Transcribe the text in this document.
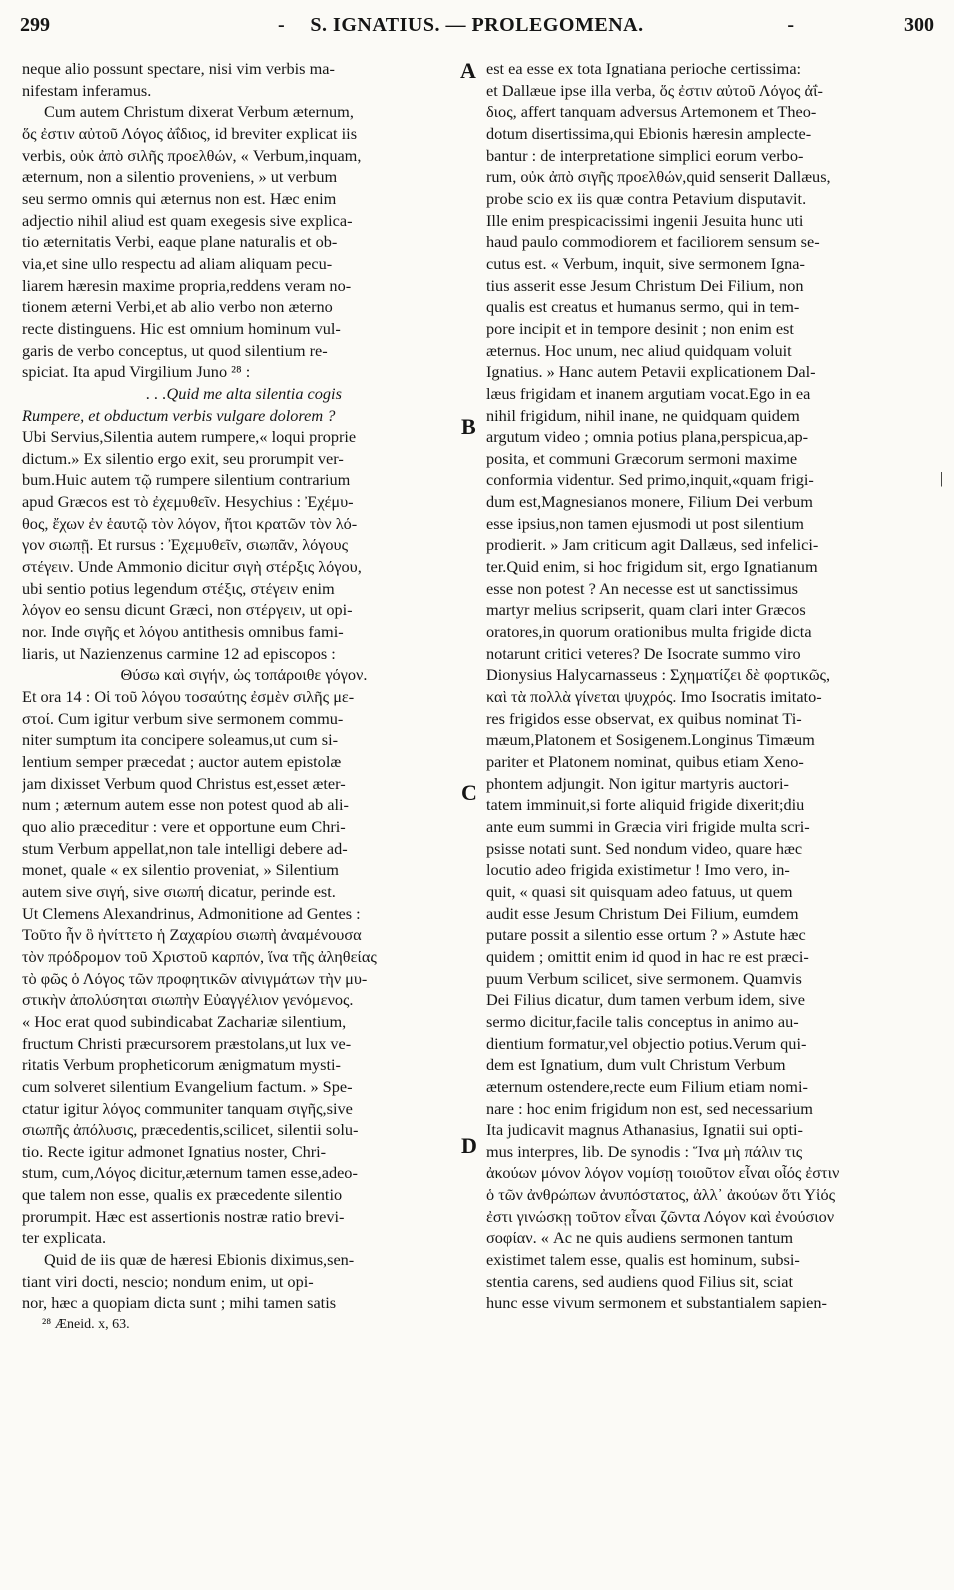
299	-	S. IGNATIUS. — PROLEGOMENA.	-	300
neque alio possunt spectare, nisi vim verbis ma-
nifestam inferamus.
Cum autem Christum dixerat Verbum æternum,
ὅς ἐστιν αὐτοῦ Λόγος ἀΐδιος, id breviter explicat iis
verbis, οὐκ ἀπὸ σιλῆς προελθών, « Verbum,inquam,
æternum, non a silentio proveniens, » ut verbum
seu sermo omnis qui æternus non est. Hæc enim
adjectio nihil aliud est quam exegesis sive explica-
tio æternitatis Verbi, eaque plane naturalis et ob-
via,et sine ullo respectu ad aliam aliquam pecu-
liarem hæresin maxime propria,reddens veram no-
tionem æterni Verbi,et ab alio verbo non æterno
recte distinguens. Hic est omnium hominum vul-
garis de verbo conceptus, ut quod silentium re-
spiciat. Ita apud Virgilium Juno ²⁸ :
. . .Quid me alta silentia cogis
Rumpere, et obductum verbis vulgare dolorem ?
Ubi Servius,Silentia autem rumpere,« loqui proprie
dictum.» Ex silentio ergo exit, seu prorumpit ver-
bum.Huic autem τῷ rumpere silentium contrarium
apud Græcos est τὸ ἐχεμυθεῖν. Hesychius : Ἐχέμυ-
θος, ἔχων ἐν ἑαυτῷ τὸν λόγον, ἤτοι κρατῶν τὸν λό-
γον σιωπῇ. Et rursus : Ἐχεμυθεῖν, σιωπᾶν, λόγους
στέγειν. Unde Ammonio dicitur σιγὴ στέρξις λόγου,
ubi sentio potius legendum στέξις, στέγειν enim
λόγον eo sensu dicunt Græci, non στέργειν, ut opi-
nor. Inde σιγῆς et λόγου antithesis omnibus fami-
liaris, ut Nazienzenus carmine 12 ad episcopos :
Θύσω καὶ σιγήν, ὡς τοπάροιθε γόγον.
Et ora 14 : Οἱ τοῦ λόγου τοσαύτης ἐσμὲν σιλῆς με-
στοί. Cum igitur verbum sive sermonem commu-
niter sumptum ita concipere soleamus,ut cum si-
lentium semper præcedat ; auctor autem epistolæ
jam dixisset Verbum quod Christus est,esset æter-
num ; æternum autem esse non potest quod ab ali-
quo alio præceditur : vere et opportune eum Chri-
stum Verbum appellat,non tale intelligi debere ad-
monet, quale « ex silentio proveniat, » Silentium
autem sive σιγή, sive σιωπή dicatur, perinde est.
Ut Clemens Alexandrinus, Admonitione ad Gentes :
Τοῦτο ἦν ὃ ἠνίττετο ἡ Ζαχαρίου σιωπὴ ἀναμένουσα
τὸν πρόδρομον τοῦ Χριστοῦ καρπόν, ἵνα τῆς ἀληθείας
τὸ φῶς ὁ Λόγος τῶν προφητικῶν αἰνιγμάτων τὴν μυ-
στικὴν ἀπολύσηται σιωπὴν Εὐαγγέλιον γενόμενος.
« Hoc erat quod subindicabat Zachariæ silentium,
fructum Christi præcursorem præstolans,ut lux ve-
ritatis Verbum propheticorum ænigmatum mysti-
cum solveret silentium Evangelium factum. » Spe-
ctatur igitur λόγος communiter tanquam σιγῆς,sive
σιωπῆς ἀπόλυσις, præcedentis,scilicet, silentii solu-
tio. Recte igitur admonet Ignatius noster, Chri-
stum, cum,Λόγος dicitur,æternum tamen esse,adeo-
que talem non esse, qualis ex præcedente silentio
prorumpit. Hæc est assertionis nostræ ratio brevi-
ter explicata.
Quid de iis quæ de hæresi Ebionis diximus,sen-
tiant viri docti, nescio; nondum enim, ut opi-
nor, hæc a quopiam dicta sunt ; mihi tamen satis
²⁸ Æneid. x, 63.
est ea esse ex tota Ignatiana perioche certissima:
et Dallæue ipse illa verba, ὅς ἐστιν αὐτοῦ Λόγος ἀΐ-
διος, affert tanquam adversus Artemonem et Theo-
dotum disertissima,qui Ebionis hæresin amplecte-
bantur : de interpretatione simplici eorum verbo-
rum, οὐκ ἀπὸ σιγῆς προελθών,quid senserit Dallæus,
probe scio ex iis quæ contra Petavium disputavit.
Ille enim prespicacissimi ingenii Jesuita hunc uti
haud paulo commodiorem et faciliorem sensum se-
cutus est. « Verbum, inquit, sive sermonem Igna-
tius asserit esse Jesum Christum Dei Filium, non
qualis est creatus et humanus sermo, qui in tem-
pore incipit et in tempore desinit ; non enim est
æternus. Hoc unum, nec aliud quidquam voluit
Ignatius. » Hanc autem Petavii explicationem Dal-
læus frigidam et inanem argutiam vocat.Ego in ea
nihil frigidum, nihil inane, ne quidquam quidem
argutum video ; omnia potius plana,perspicua,ap-
posita, et communi Græcorum sermoni maxime
conformia videntur. Sed primo,inquit,«quam frigi-
dum est,Magnesianos monere, Filium Dei verbum
esse ipsius,non tamen ejusmodi ut post silentium
prodierit. » Jam criticum agit Dallæus, sed infelici-
ter.Quid enim, si hoc frigidum sit, ergo Ignatianum
esse non potest ? An necesse est ut sanctissimus
martyr melius scripserit, quam clari inter Græcos
oratores,in quorum orationibus multa frigide dicta
notarunt critici veteres? De Isocrate summo viro
Dionysius Halycarnasseus : Σχηματίζει δὲ φορτικῶς,
καὶ τὰ πολλὰ γίνεται ψυχρός. Imo Isocratis imitato-
res frigidos esse observat, ex quibus nominat Ti-
mæum,Platonem et Sosigenem.Longinus Timæum
pariter et Platonem nominat, quibus etiam Xeno-
phontem adjungit. Non igitur martyris auctori-
tatem imminuit,si forte aliquid frigide dixerit;diu
ante eum summi in Græcia viri frigide multa scri-
psisse notati sunt. Sed nondum video, quare hæc
locutio adeo frigida existimetur ! Imo vero, in-
quit, « quasi sit quisquam adeo fatuus, ut quem
audit esse Jesum Christum Dei Filium, eumdem
putare possit a silentio esse ortum ? » Astute hæc
quidem ; omittit enim id quod in hac re est præci-
puum Verbum scilicet, sive sermonem. Quamvis
Dei Filius dicatur, dum tamen verbum idem, sive
sermo dicitur,facile talis conceptus in animo au-
dientium formatur,vel objectio potius.Verum qui-
dem est Ignatium, dum vult Christum Verbum
æternum ostendere,recte eum Filium etiam nomi-
nare : hoc enim frigidum non est, sed necessarium
Ita judicavit magnus Athanasius, Ignatii sui opti-
mus interpres, lib. De synodis : Ἵνα μὴ πάλιν τις
ἀκούων μόνον λόγον νομίσῃ τοιοῦτον εἶναι οἷός ἐστιν
ὁ τῶν ἀνθρώπων ἀνυπόστατος, ἀλλ᾽ ἀκούων ὅτι Υἱός
ἐστι γινώσκῃ τοῦτον εἶναι ζῶντα Λόγον καὶ ἐνούσιον
σοφίαν. « Ac ne quis audiens sermonen tantum
existimet talem esse, qualis est hominum, subsi-
stentia carens, sed audiens quod Filius sit, sciat
hunc esse vivum sermonem et substantialem sapien-
A
B
C
D
|
